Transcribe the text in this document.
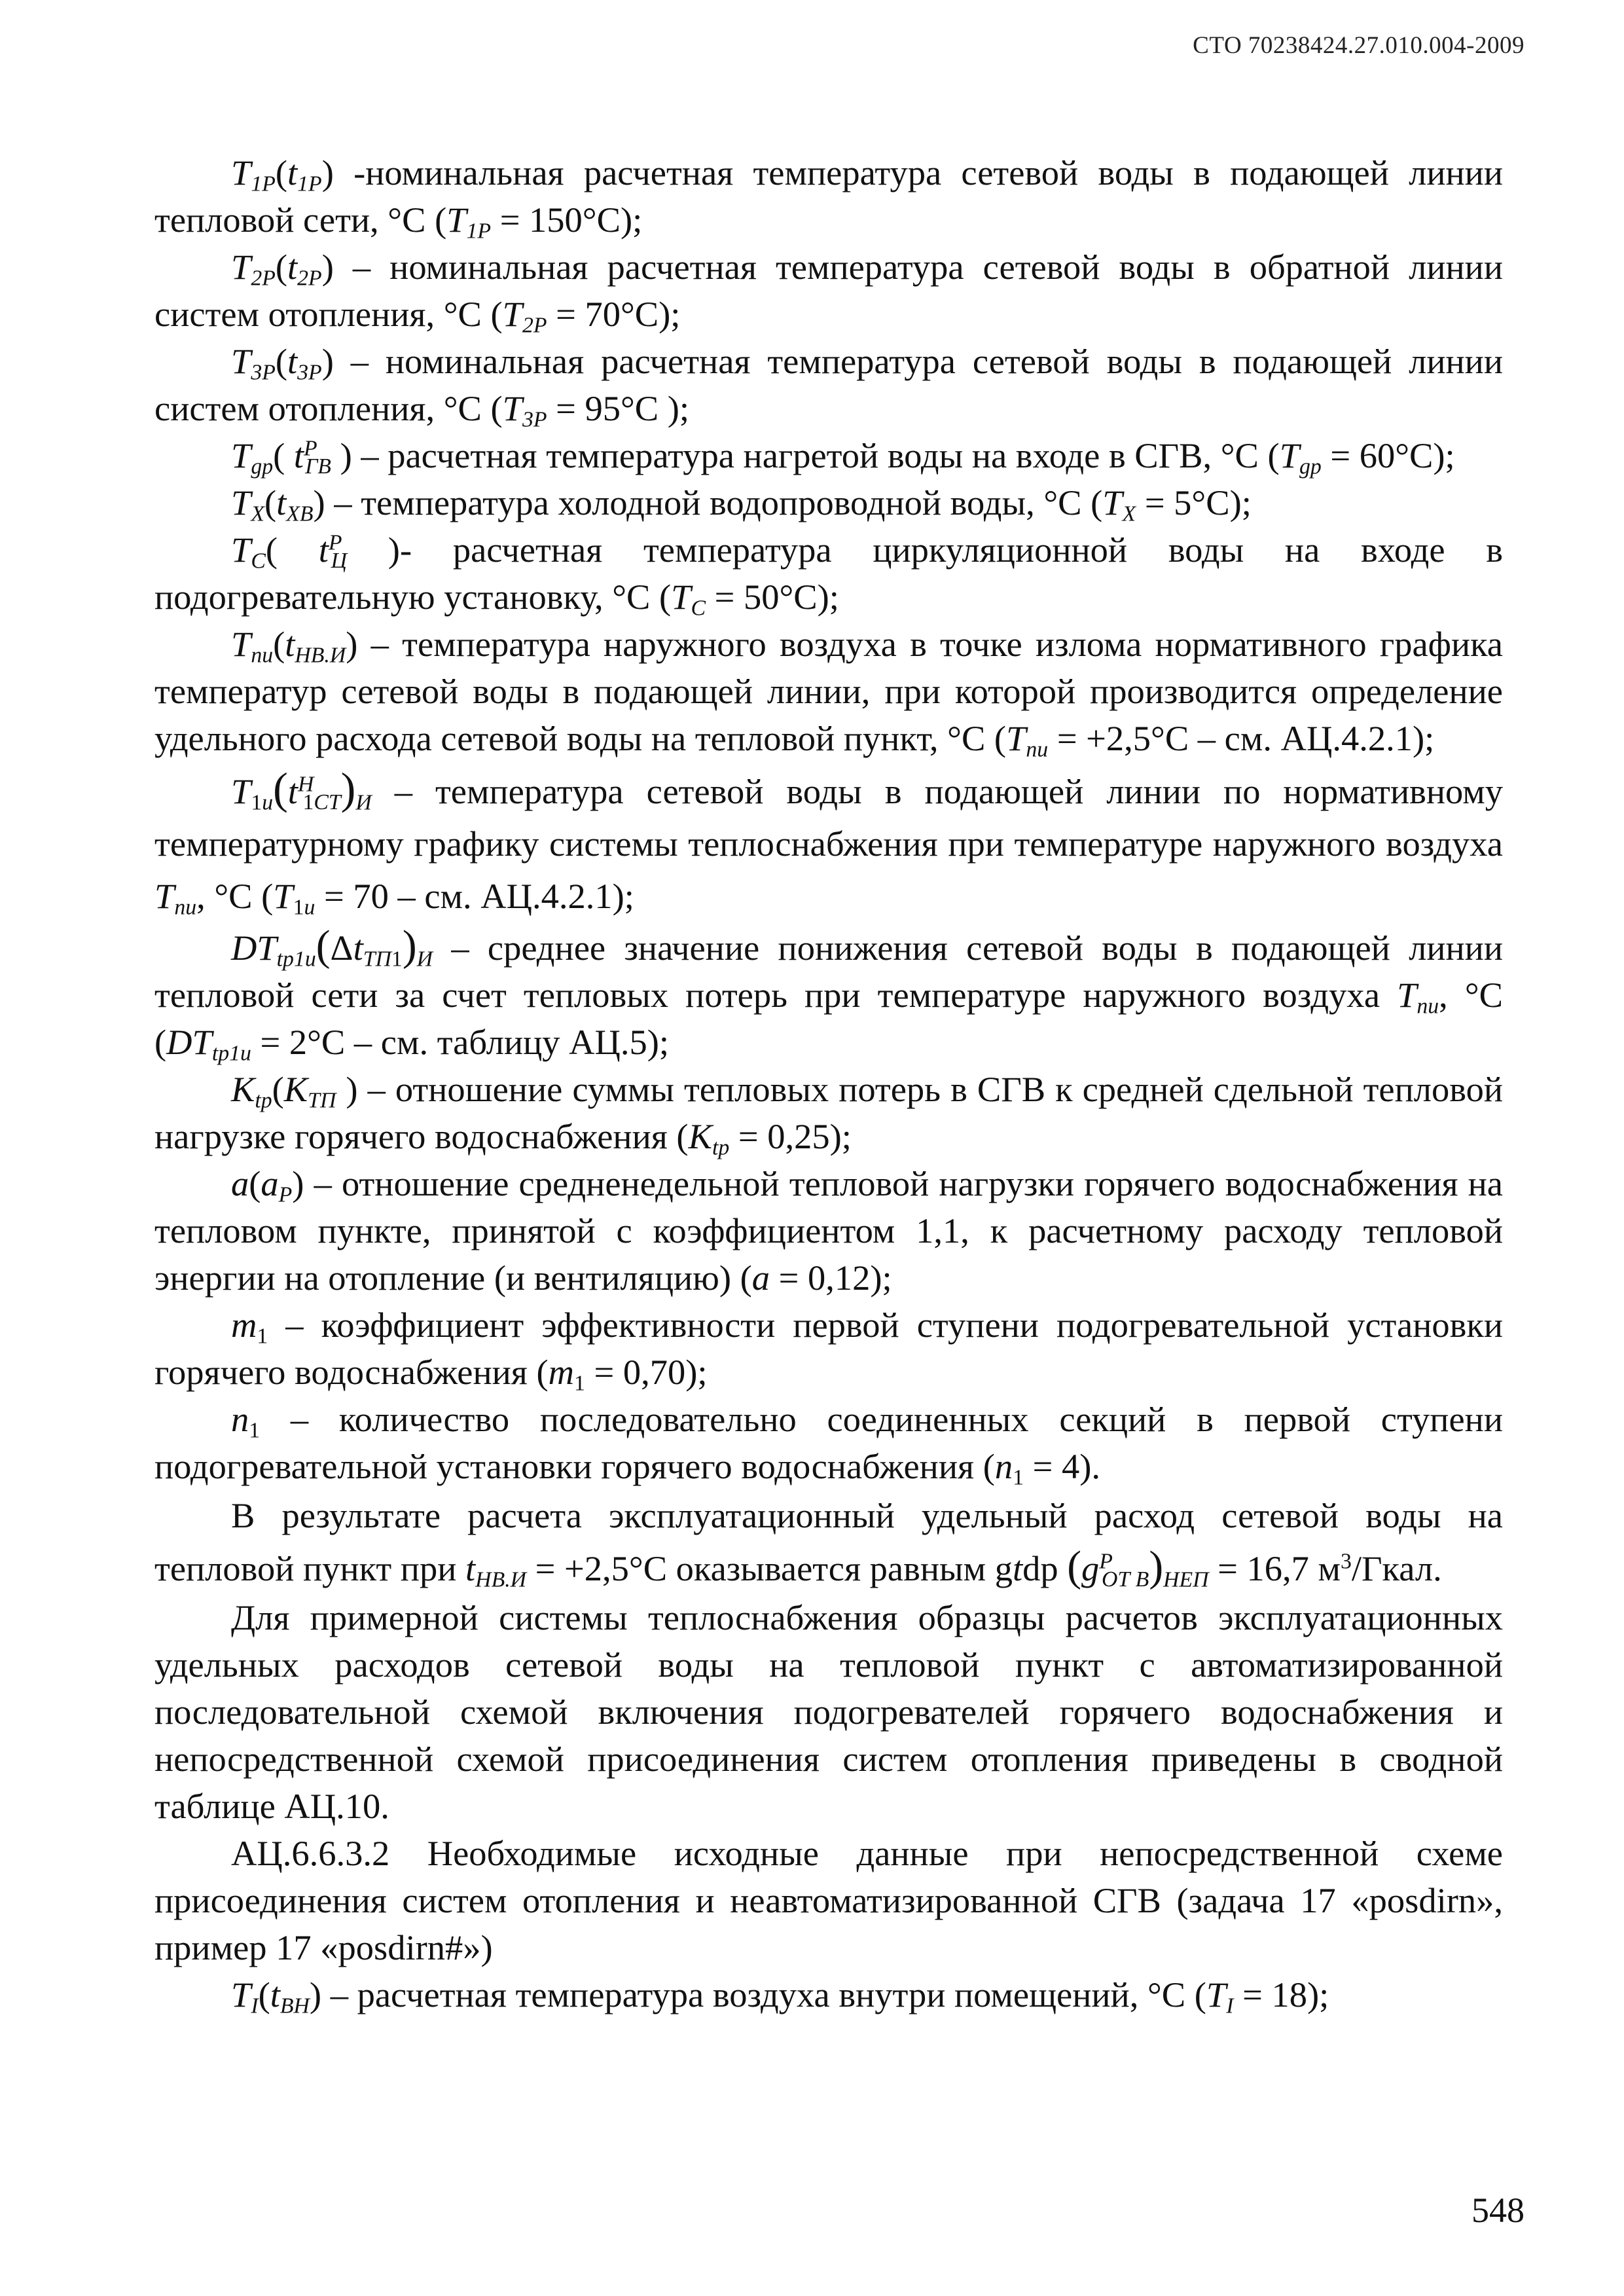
СТО 70238424.27.010.004-2009

$T_{1P}(t_{1P})$ -номинальная расчетная температура сетевой воды в подающей линии тепловой сети, °С $(T_{1P} = 150^\circ С)$;

$T_{2P}(t_{2P})$ – номинальная расчетная температура сетевой воды в обратной линии систем отопления, °С $(T_{2P} = 70^\circ С)$;

$T_{3P}(t_{3P})$ – номинальная расчетная температура сетевой воды в подающей линии систем отопления, °С ($T_{3P} = 95^\circ С$ );

$T_{gp}$( $t^Р_{ГВ}$ ) – расчетная температура нагретой воды на входе в СГВ, °С $(T_{gp} = 60^\circ С)$;

$T_X(t_{XB})$ – температура холодной водопроводной воды, °С $(T_X = 5^\circ С)$;

$T_C$( $t^Р_Ц$ )- расчетная температура циркуляционной воды на входе в подогревательную установку, °С $(T_C = 50^\circ С)$;

$T_{nu}(t_{НВ.И})$ – температура наружного воздуха в точке излома нормативного графика температур сетевой воды в подающей линии, при которой производится определение удельного расхода сетевой воды на тепловой пункт, °С ($T_{nu} = +2,5^\circ С$ – см. АЦ.4.2.1);

$T_{1u}(t^Н_{1СТ})_И$ – температура сетевой воды в подающей линии по нормативному температурному графику системы теплоснабжения при температуре наружного воздуха $T_{nu}$, °С ($T_{1u} = 70$ – см. АЦ.4.2.1);

$DT_{tp1u}(\Delta t_{ТП1})_И$ – среднее значение понижения сетевой воды в подающей линии тепловой сети за счет тепловых потерь при температуре наружного воздуха $T_{nu}$, °С ($DT_{tp1u} = 2^\circ С$ – см. таблицу АЦ.5);

$K_{tp}(K_{ТП}$ ) – отношение суммы тепловых потерь в СГВ к средней сдельной тепловой нагрузке горячего водоснабжения $(K_{tp} = 0,25)$;

$a(a_P)$ – отношение средненедельной тепловой нагрузки горячего водоснабжения на тепловом пункте, принятой с коэффициентом 1,1, к расчетному расходу тепловой энергии на отопление (и вентиляцию) (a = 0,12);

$m_1$ – коэффициент эффективности первой ступени подогревательной установки горячего водоснабжения $(m_1 = 0,70)$;

$n_1$ – количество последовательно соединенных секций в первой ступени подогревательной установки горячего водоснабжения $(n_1 = 4)$.

В результате расчета эксплуатационный удельный расход сетевой воды на тепловой пункт при $t_{НВ.И} = +2,5^\circ С$ оказывается равным gtdp $(g^Р_{ОТ В})_{НЕП} = 16,7$ $м^3$/Гкал.

Для примерной системы теплоснабжения образцы расчетов эксплуатационных удельных расходов сетевой воды на тепловой пункт с автоматизированной последовательной схемой включения подогревателей горячего водоснабжения и непосредственной схемой присоединения систем отопления приведены в сводной таблице АЦ.10.

АЦ.6.6.3.2 Необходимые исходные данные при непосредственной схеме присоединения систем отопления и неавтоматизированной СГВ (задача 17 «posdirn», пример 17 «posdirn#»)

$T_I(t_{ВН})$ – расчетная температура воздуха внутри помещений, °С $(T_I = 18)$;

548
